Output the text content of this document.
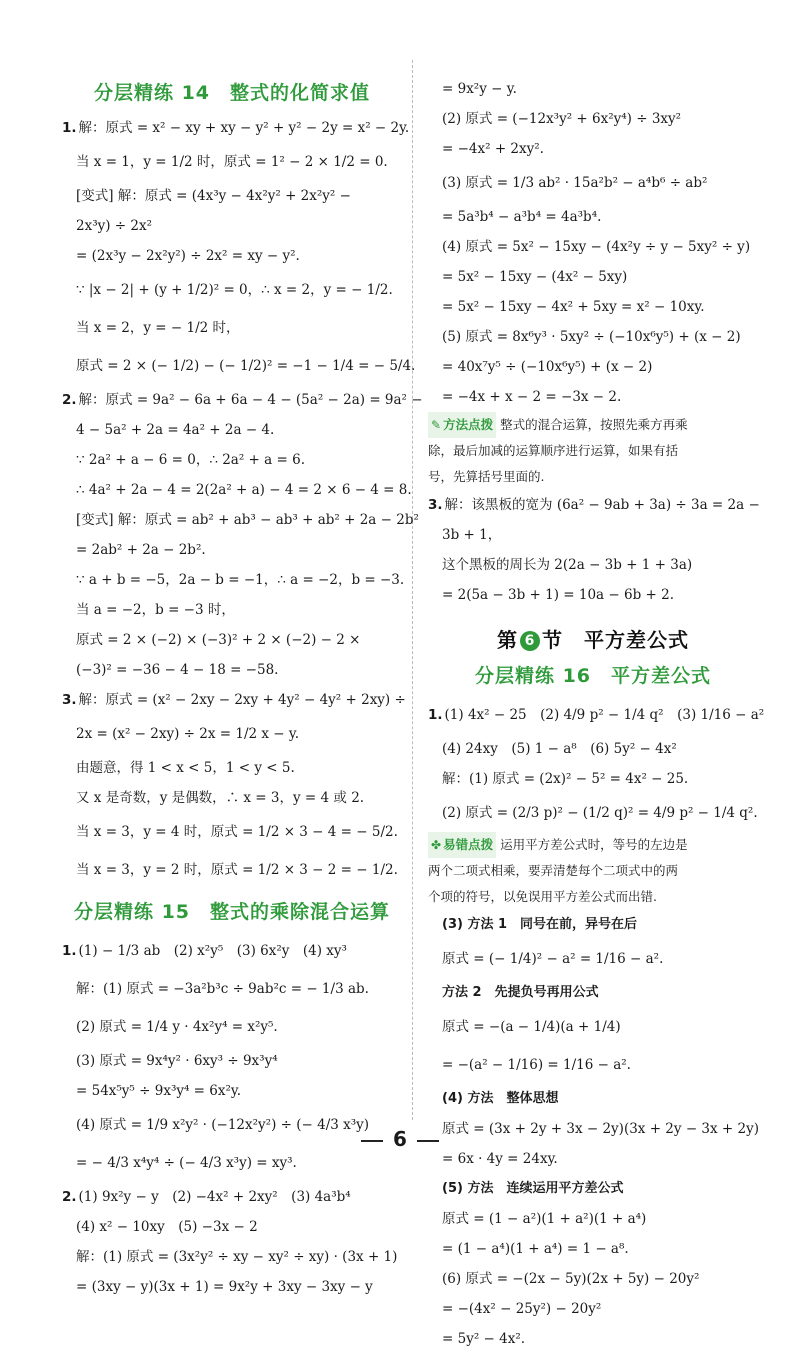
分层精练 14　整式的化简求值
1. 解：原式 = x² − xy + xy − y² + y² − 2y = x² − 2y.
当 x = 1，y = 1/2 时，原式 = 1² − 2 × 1/2 = 0.
[变式] 解：原式 = (4x³y − 4x²y² + 2x²y² −
2x³y) ÷ 2x²
= (2x³y − 2x²y²) ÷ 2x² = xy − y².
∵ |x − 2| + (y + 1/2)² = 0，∴ x = 2，y = − 1/2.
当 x = 2，y = − 1/2 时，
原式 = 2 × (− 1/2) − (− 1/2)² = −1 − 1/4 = − 5/4.
2. 解：原式 = 9a² − 6a + 6a − 4 − (5a² − 2a) = 9a² −
4 − 5a² + 2a = 4a² + 2a − 4.
∵ 2a² + a − 6 = 0，∴ 2a² + a = 6.
∴ 4a² + 2a − 4 = 2(2a² + a) − 4 = 2 × 6 − 4 = 8.
[变式] 解：原式 = ab² + ab³ − ab³ + ab² + 2a − 2b²
= 2ab² + 2a − 2b².
∵ a + b = −5，2a − b = −1，∴ a = −2，b = −3.
当 a = −2，b = −3 时，
原式 = 2 × (−2) × (−3)² + 2 × (−2) − 2 ×
(−3)² = −36 − 4 − 18 = −58.
3. 解：原式 = (x² − 2xy − 2xy + 4y² − 4y² + 2xy) ÷
2x = (x² − 2xy) ÷ 2x = 1/2 x − y.
由题意，得 1 < x < 5，1 < y < 5.
又 x 是奇数，y 是偶数，∴ x = 3，y = 4 或 2.
当 x = 3，y = 4 时，原式 = 1/2 × 3 − 4 = − 5/2.
当 x = 3，y = 2 时，原式 = 1/2 × 3 − 2 = − 1/2.
分层精练 15　整式的乘除混合运算
1. (1) − 1/3 ab　(2) x²y⁵　(3) 6x²y　(4) xy³
解：(1) 原式 = −3a²b³c ÷ 9ab²c = − 1/3 ab.
(2) 原式 = 1/4 y · 4x²y⁴ = x²y⁵.
(3) 原式 = 9x⁴y² · 6xy³ ÷ 9x³y⁴
= 54x⁵y⁵ ÷ 9x³y⁴ = 6x²y.
(4) 原式 = 1/9 x²y² · (−12x²y²) ÷ (− 4/3 x³y)
= − 4/3 x⁴y⁴ ÷ (− 4/3 x³y) = xy³.
2. (1) 9x²y − y　(2) −4x² + 2xy²　(3) 4a³b⁴
(4) x² − 10xy　(5) −3x − 2
解：(1) 原式 = (3x²y² ÷ xy − xy² ÷ xy) · (3x + 1)
= (3xy − y)(3x + 1) = 9x²y + 3xy − 3xy − y
= 9x²y − y.
(2) 原式 = (−12x³y² + 6x²y⁴) ÷ 3xy²
= −4x² + 2xy².
(3) 原式 = 1/3 ab² · 15a²b² − a⁴b⁶ ÷ ab²
= 5a³b⁴ − a³b⁴ = 4a³b⁴.
(4) 原式 = 5x² − 15xy − (4x²y ÷ y − 5xy² ÷ y)
= 5x² − 15xy − (4x² − 5xy)
= 5x² − 15xy − 4x² + 5xy = x² − 10xy.
(5) 原式 = 8x⁶y³ · 5xy² ÷ (−10x⁶y⁵) + (x − 2)
= 40x⁷y⁵ ÷ (−10x⁶y⁵) + (x − 2)
= −4x + x − 2 = −3x − 2.
✎ 方法点拨 整式的混合运算，按照先乘方再乘
除，最后加减的运算顺序进行运算，如果有括
号，先算括号里面的.
3. 解：该黑板的宽为 (6a² − 9ab + 3a) ÷ 3a = 2a −
3b + 1，
这个黑板的周长为 2(2a − 3b + 1 + 3a)
= 2(5a − 3b + 1) = 10a − 6b + 2.
第 6 节　平方差公式
分层精练 16　平方差公式
1. (1) 4x² − 25　(2) 4/9 p² − 1/4 q²　(3) 1/16 − a²
(4) 24xy　(5) 1 − a⁸　(6) 5y² − 4x²
解：(1) 原式 = (2x)² − 5² = 4x² − 25.
(2) 原式 = (2/3 p)² − (1/2 q)² = 4/9 p² − 1/4 q².
✤ 易错点拨 运用平方差公式时，等号的左边是
两个二项式相乘，要弄清楚每个二项式中的两
个项的符号，以免误用平方差公式而出错.
(3) 方法 1　同号在前，异号在后
原式 = (− 1/4)² − a² = 1/16 − a².
方法 2　先提负号再用公式
原式 = −(a − 1/4)(a + 1/4)
= −(a² − 1/16) = 1/16 − a².
(4) 方法　整体思想
原式 = (3x + 2y + 3x − 2y)(3x + 2y − 3x + 2y)
= 6x · 4y = 24xy.
(5) 方法　连续运用平方差公式
原式 = (1 − a²)(1 + a²)(1 + a⁴)
= (1 − a⁴)(1 + a⁴) = 1 − a⁸.
(6) 原式 = −(2x − 5y)(2x + 5y) − 20y²
= −(4x² − 25y²) − 20y²
= 5y² − 4x².
6
